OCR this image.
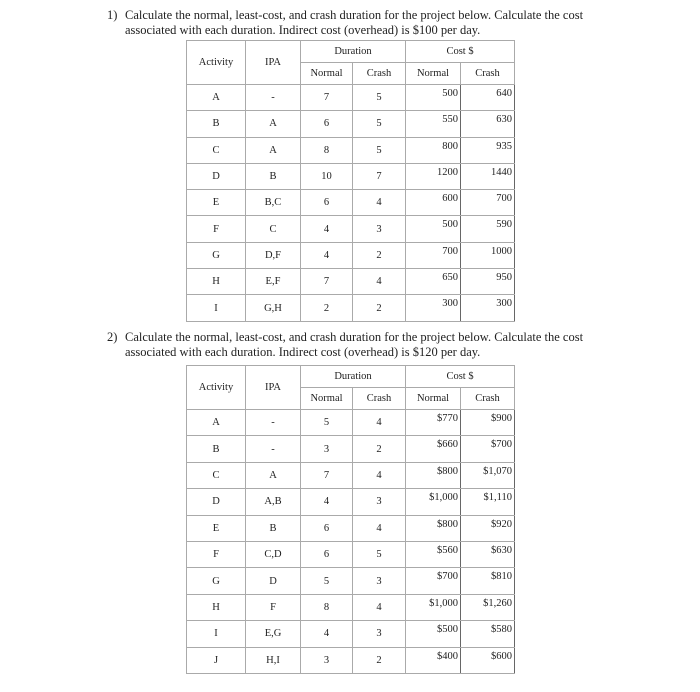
1) Calculate the normal, least-cost, and crash duration for the project below. Calculate the cost associated with each duration. Indirect cost (overhead) is $100 per day.
Activity	IPA	Duration		Cost $	
		Normal	Crash	Normal	Crash
A	-	7	5	500	640
B	A	6	5	550	630
C	A	8	5	800	935
D	B	10	7	1200	1440
E	B,C	6	4	600	700
F	C	4	3	500	590
G	D,F	4	2	700	1000
H	E,F	7	4	650	950
I	G,H	2	2	300	300
2) Calculate the normal, least-cost, and crash duration for the project below. Calculate the cost associated with each duration. Indirect cost (overhead) is $120 per day.
Activity	IPA	Duration		Cost $	
		Normal	Crash	Normal	Crash
A	-	5	4	$770	$900
B	-	3	2	$660	$700
C	A	7	4	$800	$1,070
D	A,B	4	3	$1,000	$1,110
E	B	6	4	$800	$920
F	C,D	6	5	$560	$630
G	D	5	3	$700	$810
H	F	8	4	$1,000	$1,260
I	E,G	4	3	$500	$580
J	H,I	3	2	$400	$600
